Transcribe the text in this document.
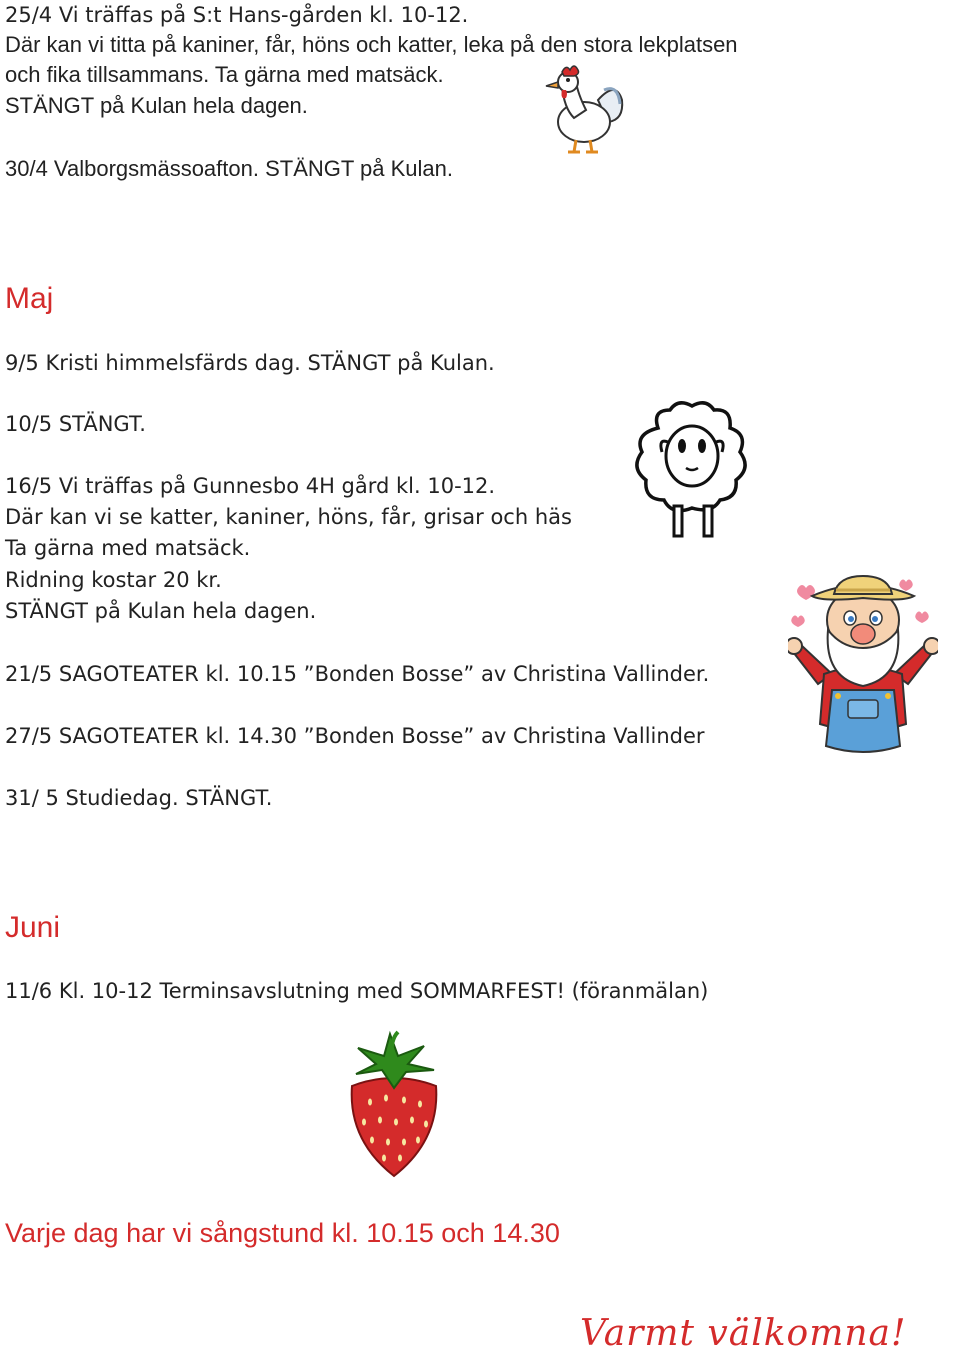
25/4 Vi träffas på S:t Hans-gården kl. 10-12.
Där kan vi titta på kaniner, får, höns och katter, leka på den stora lekplatsen
och fika tillsammans. Ta gärna med matsäck.
STÄNGT på Kulan hela dagen.
30/4 Valborgsmässoafton. STÄNGT på Kulan.
Maj
9/5 Kristi himmelsfärds dag. STÄNGT på Kulan.
10/5 STÄNGT.
16/5 Vi träffas på Gunnesbo 4H gård kl. 10-12.
Där kan vi se katter, kaniner, höns, får, grisar och häs
Ta gärna med matsäck.
Ridning kostar 20 kr.
STÄNGT på Kulan hela dagen.
21/5 SAGOTEATER kl. 10.15 ”Bonden Bosse” av Christina Vallinder.
27/5 SAGOTEATER kl. 14.30 ”Bonden Bosse” av Christina Vallinder
31/ 5 Studiedag. STÄNGT.
Juni
11/6 Kl. 10-12 Terminsavslutning med SOMMARFEST! (föranmälan)
Varje dag har vi sångstund kl. 10.15 och 14.30
Varmt välkomna!
